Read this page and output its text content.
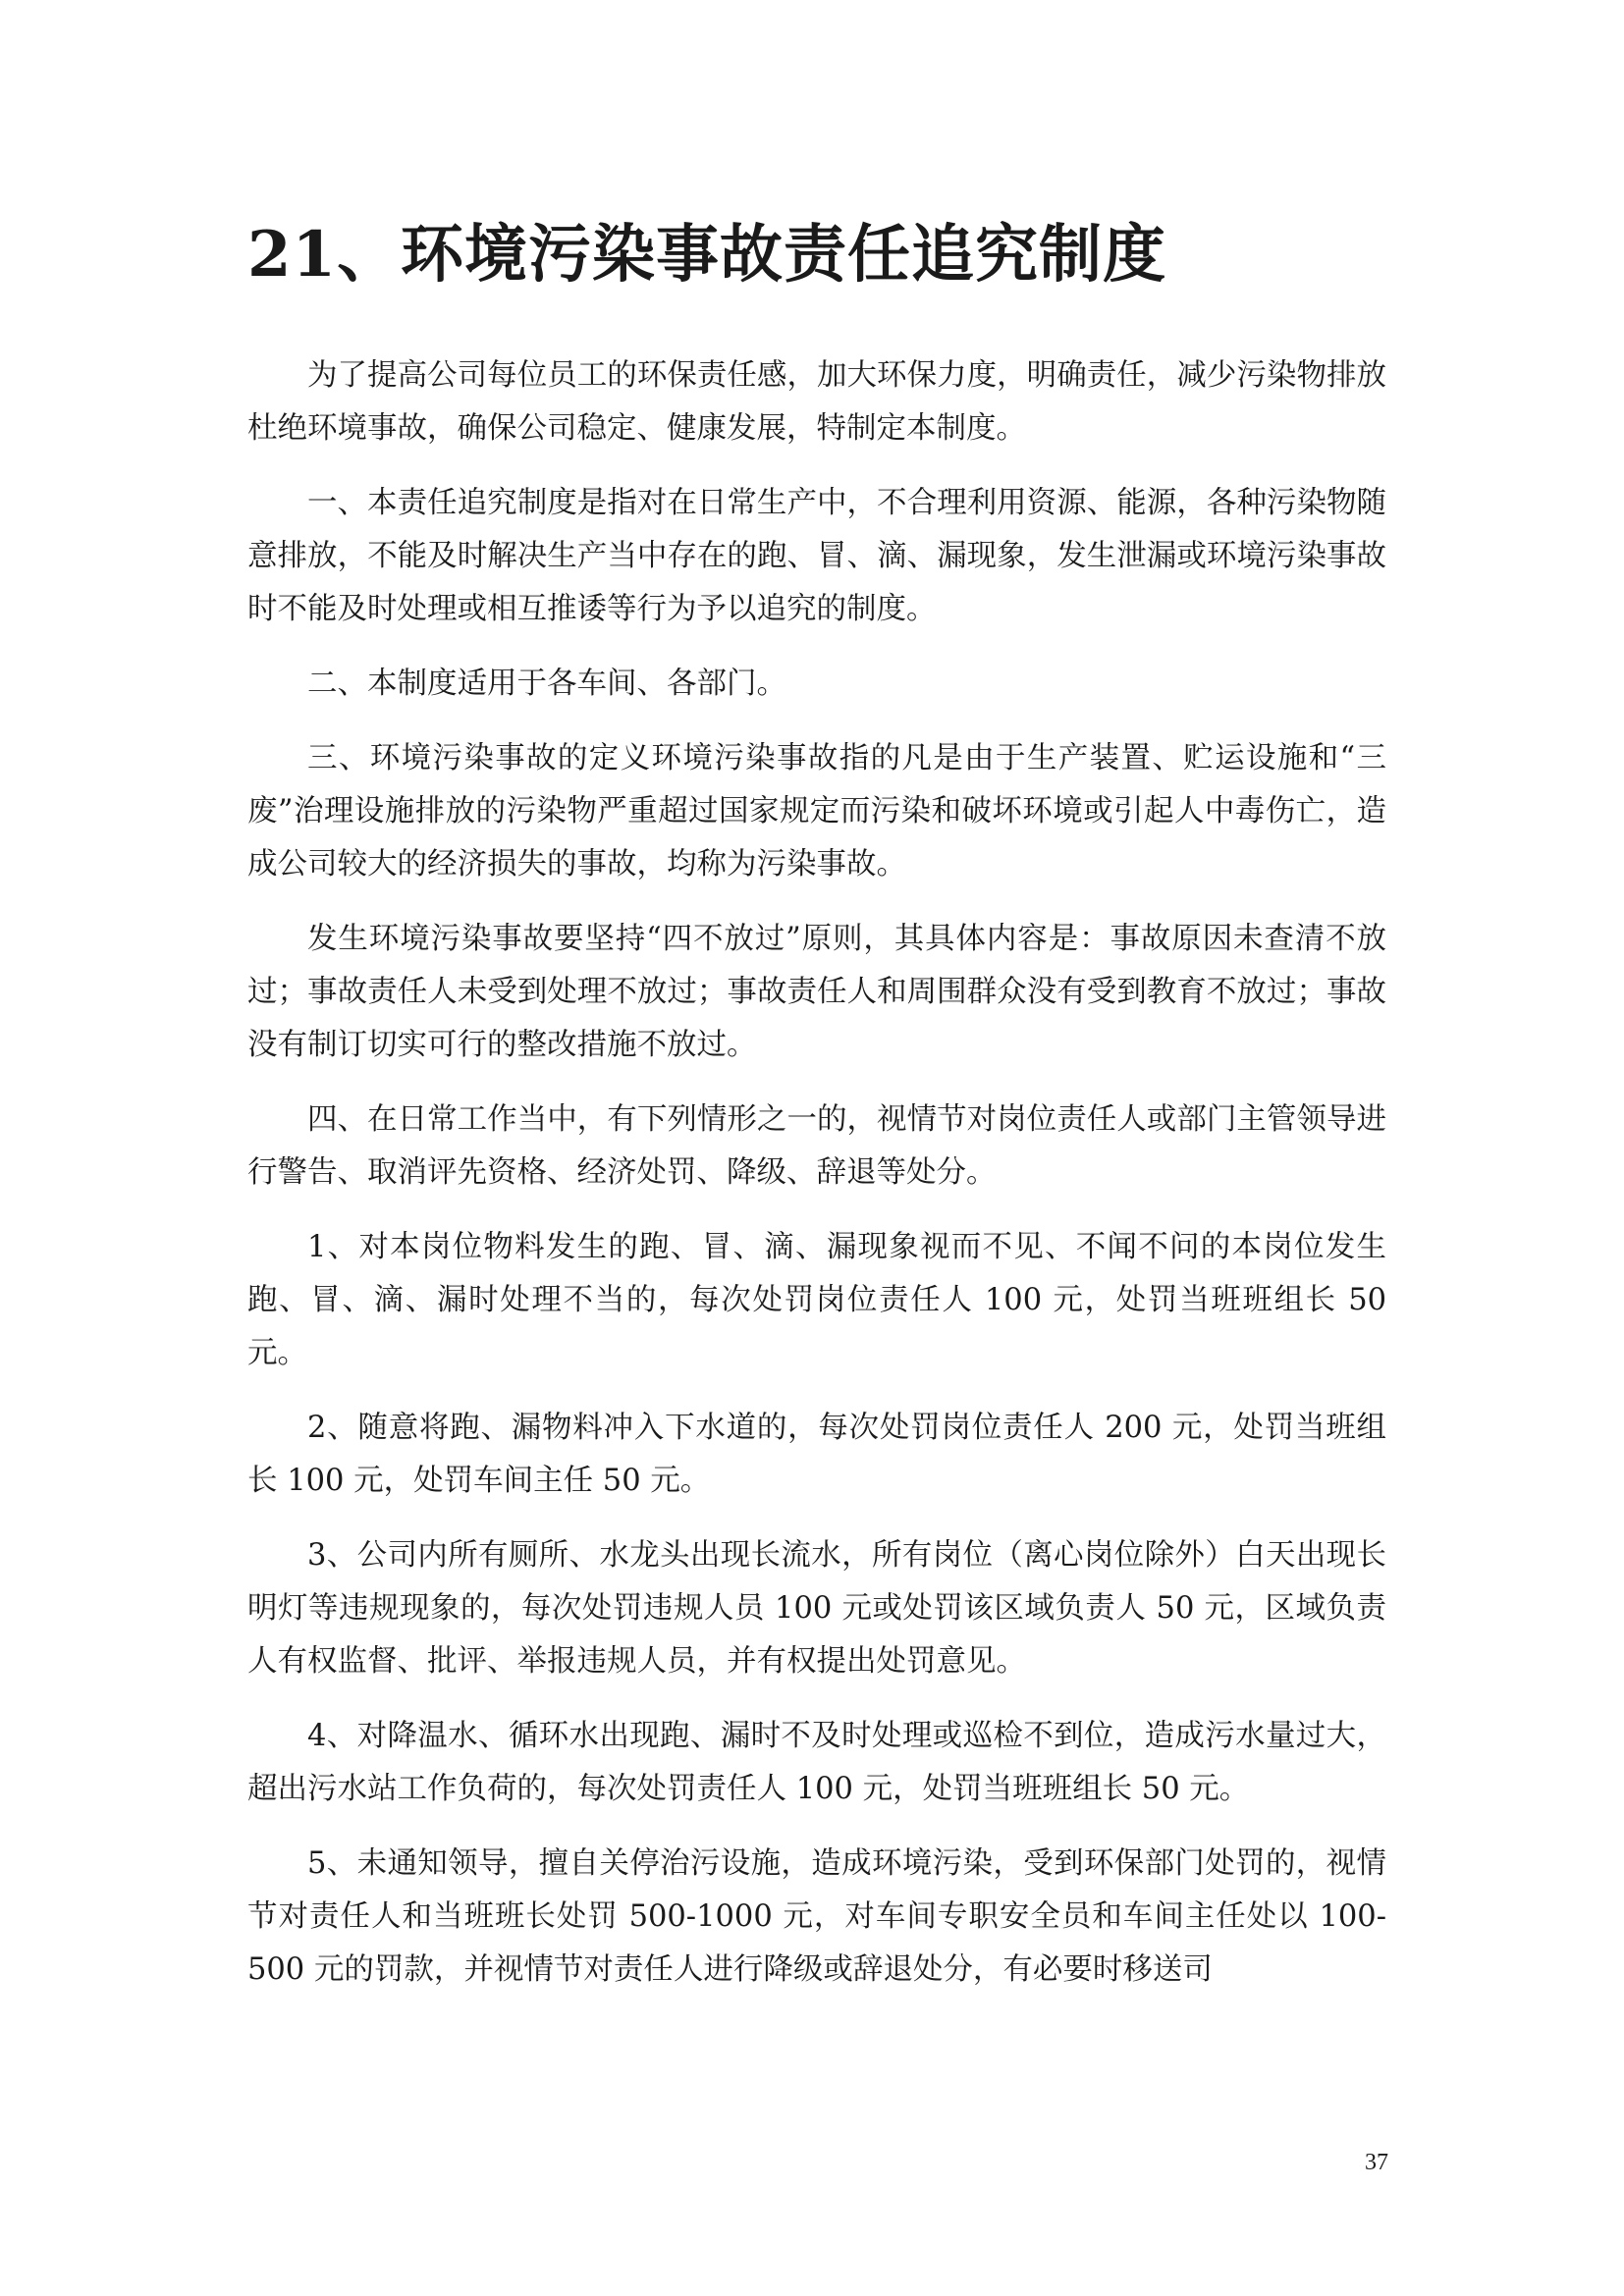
21、环境污染事故责任追究制度

为了提高公司每位员工的环保责任感，加大环保力度，明确责任，减少污染物排放杜绝环境事故，确保公司稳定、健康发展，特制定本制度。

一、本责任追究制度是指对在日常生产中，不合理利用资源、能源，各种污染物随意排放，不能及时解决生产当中存在的跑、冒、滴、漏现象，发生泄漏或环境污染事故时不能及时处理或相互推诿等行为予以追究的制度。

二、本制度适用于各车间、各部门。

三、环境污染事故的定义环境污染事故指的凡是由于生产装置、贮运设施和“三废”治理设施排放的污染物严重超过国家规定而污染和破坏环境或引起人中毒伤亡，造成公司较大的经济损失的事故，均称为污染事故。

发生环境污染事故要坚持“四不放过”原则，其具体内容是：事故原因未查清不放过；事故责任人未受到处理不放过；事故责任人和周围群众没有受到教育不放过；事故没有制订切实可行的整改措施不放过。

四、在日常工作当中，有下列情形之一的，视情节对岗位责任人或部门主管领导进行警告、取消评先资格、经济处罚、降级、辞退等处分。

1、对本岗位物料发生的跑、冒、滴、漏现象视而不见、不闻不问的本岗位发生跑、冒、滴、漏时处理不当的，每次处罚岗位责任人 100 元，处罚当班班组长 50 元。

2、随意将跑、漏物料冲入下水道的，每次处罚岗位责任人 200 元，处罚当班组长 100 元，处罚车间主任 50 元。

3、公司内所有厕所、水龙头出现长流水，所有岗位（离心岗位除外）白天出现长明灯等违规现象的，每次处罚违规人员 100 元或处罚该区域负责人 50 元，区域负责人有权监督、批评、举报违规人员，并有权提出处罚意见。

4、对降温水、循环水出现跑、漏时不及时处理或巡检不到位，造成污水量过大，超出污水站工作负荷的，每次处罚责任人 100 元，处罚当班班组长 50 元。

5、未通知领导，擅自关停治污设施，造成环境污染，受到环保部门处罚的，视情节对责任人和当班班长处罚 500-1000 元，对车间专职安全员和车间主任处以 100-500 元的罚款，并视情节对责任人进行降级或辞退处分，有必要时移送司

37
